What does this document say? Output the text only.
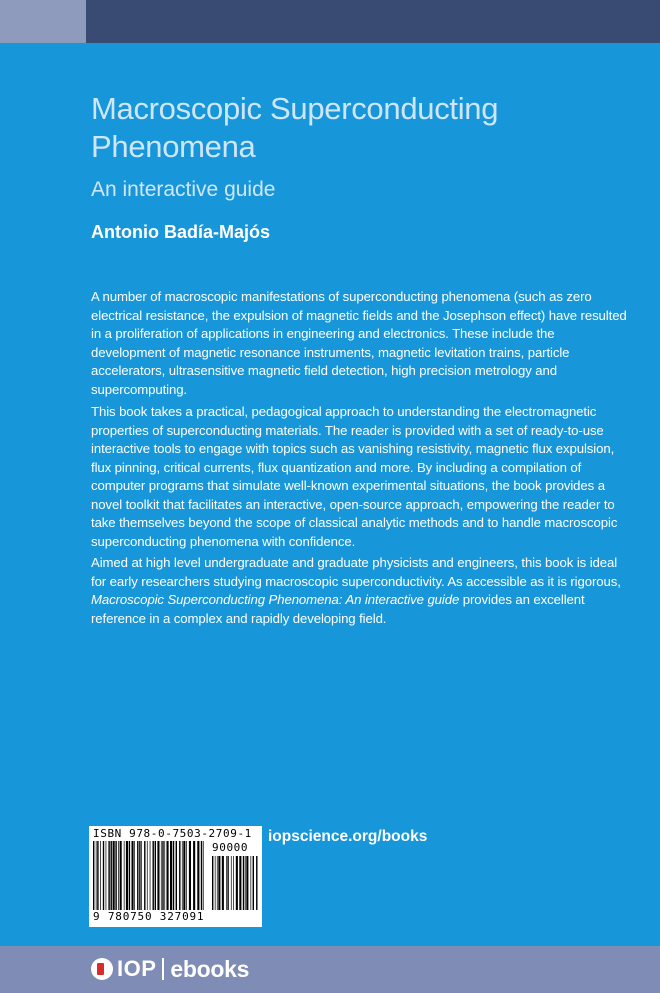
Macroscopic Superconducting Phenomena

An interactive guide

Antonio Badía-Majós

A number of macroscopic manifestations of superconducting phenomena (such as zero electrical resistance, the expulsion of magnetic fields and the Josephson effect) have resulted in a proliferation of applications in engineering and electronics. These include the development of magnetic resonance instruments, magnetic levitation trains, particle accelerators, ultrasensitive magnetic field detection, high precision metrology and supercomputing.

This book takes a practical, pedagogical approach to understanding the electromagnetic properties of superconducting materials. The reader is provided with a set of ready-to-use interactive tools to engage with topics such as vanishing resistivity, magnetic flux expulsion, flux pinning, critical currents, flux quantization and more. By including a compilation of computer programs that simulate well-known experimental situations, the book provides a novel toolkit that facilitates an interactive, open-source approach, empowering the reader to take themselves beyond the scope of classical analytic methods and to handle macroscopic superconducting phenomena with confidence.

Aimed at high level undergraduate and graduate physicists and engineers, this book is ideal for early researchers studying macroscopic superconductivity. As accessible as it is rigorous, Macroscopic Superconducting Phenomena: An interactive guide provides an excellent reference in a complex and rapidly developing field.

ISBN 978-0-7503-2709-1
90000
9 780750 327091

iopscience.org/books

IOP ebooks
